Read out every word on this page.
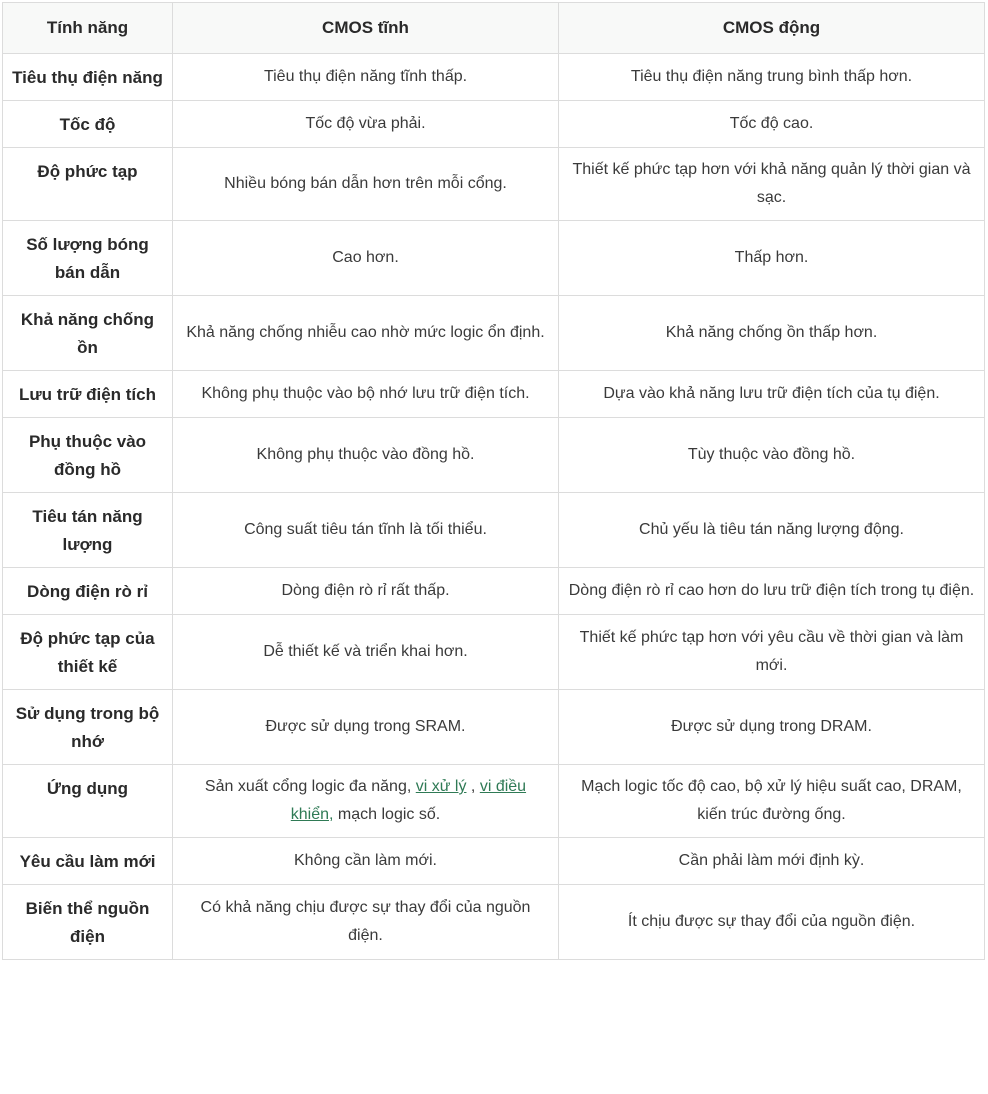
Tính năng	CMOS tĩnh	CMOS động
Tiêu thụ điện năng	Tiêu thụ điện năng tĩnh thấp.	Tiêu thụ điện năng trung bình thấp hơn.
Tốc độ	Tốc độ vừa phải.	Tốc độ cao.
Độ phức tạp	Nhiều bóng bán dẫn hơn trên mỗi cổng.	Thiết kế phức tạp hơn với khả năng quản lý thời gian và sạc.
Số lượng bóng bán dẫn	Cao hơn.	Thấp hơn.
Khả năng chống ồn	Khả năng chống nhiễu cao nhờ mức logic ổn định.	Khả năng chống ồn thấp hơn.
Lưu trữ điện tích	Không phụ thuộc vào bộ nhớ lưu trữ điện tích.	Dựa vào khả năng lưu trữ điện tích của tụ điện.
Phụ thuộc vào đồng hồ	Không phụ thuộc vào đồng hồ.	Tùy thuộc vào đồng hồ.
Tiêu tán năng lượng	Công suất tiêu tán tĩnh là tối thiểu.	Chủ yếu là tiêu tán năng lượng động.
Dòng điện rò rỉ	Dòng điện rò rỉ rất thấp.	Dòng điện rò rỉ cao hơn do lưu trữ điện tích trong tụ điện.
Độ phức tạp của thiết kế	Dễ thiết kế và triển khai hơn.	Thiết kế phức tạp hơn với yêu cầu về thời gian và làm mới.
Sử dụng trong bộ nhớ	Được sử dụng trong SRAM.	Được sử dụng trong DRAM.
Ứng dụng	Sản xuất cổng logic đa năng, vi xử lý , vi điều khiển, mạch logic số.	Mạch logic tốc độ cao, bộ xử lý hiệu suất cao, DRAM, kiến trúc đường ống.
Yêu cầu làm mới	Không cần làm mới.	Cần phải làm mới định kỳ.
Biến thể nguồn điện	Có khả năng chịu được sự thay đổi của nguồn điện.	Ít chịu được sự thay đổi của nguồn điện.
